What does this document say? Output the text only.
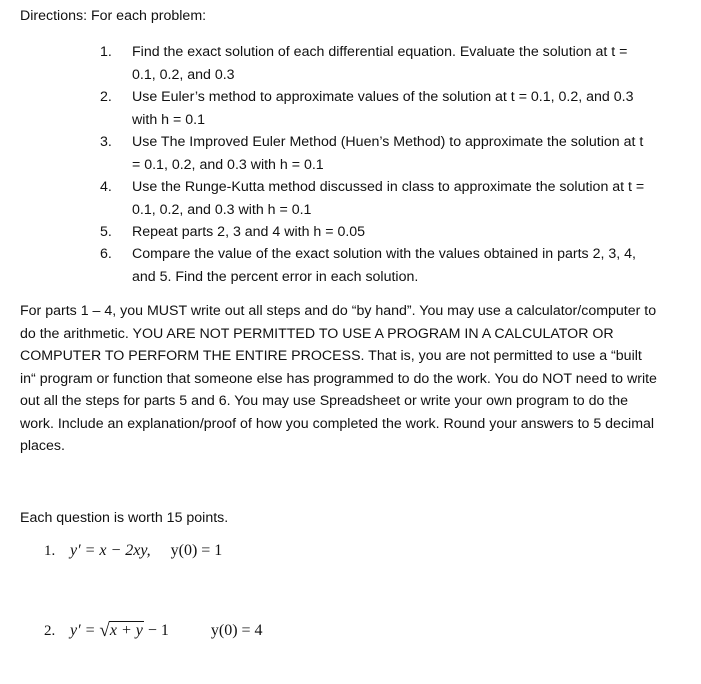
Directions: For each problem:
1. Find the exact solution of each differential equation. Evaluate the solution at t = 0.1, 0.2, and 0.3
2. Use Euler’s method to approximate values of the solution at t = 0.1, 0.2, and 0.3 with h = 0.1
3. Use The Improved Euler Method (Huen’s Method) to approximate the solution at t = 0.1, 0.2, and 0.3 with h = 0.1
4. Use the Runge-Kutta method discussed in class to approximate the solution at t = 0.1, 0.2, and 0.3 with h = 0.1
5. Repeat parts 2, 3 and 4 with h = 0.05
6. Compare the value of the exact solution with the values obtained in parts 2, 3, 4, and 5. Find the percent error in each solution.

For parts 1 – 4, you MUST write out all steps and do “by hand”. You may use a calculator/computer to do the arithmetic. YOU ARE NOT PERMITTED TO USE A PROGRAM IN A CALCULATOR OR COMPUTER TO PERFORM THE ENTIRE PROCESS. That is, you are not permitted to use a “built in“ program or function that someone else has programmed to do the work. You do NOT need to write out all the steps for parts 5 and 6. You may use Spreadsheet or write your own program to do the work. Include an explanation/proof of how you completed the work. Round your answers to 5 decimal places.

Each question is worth 15 points.
1. y′ = x − 2xy, y(0) = 1
2. y′ = √x + y − 1	y(0) = 4
